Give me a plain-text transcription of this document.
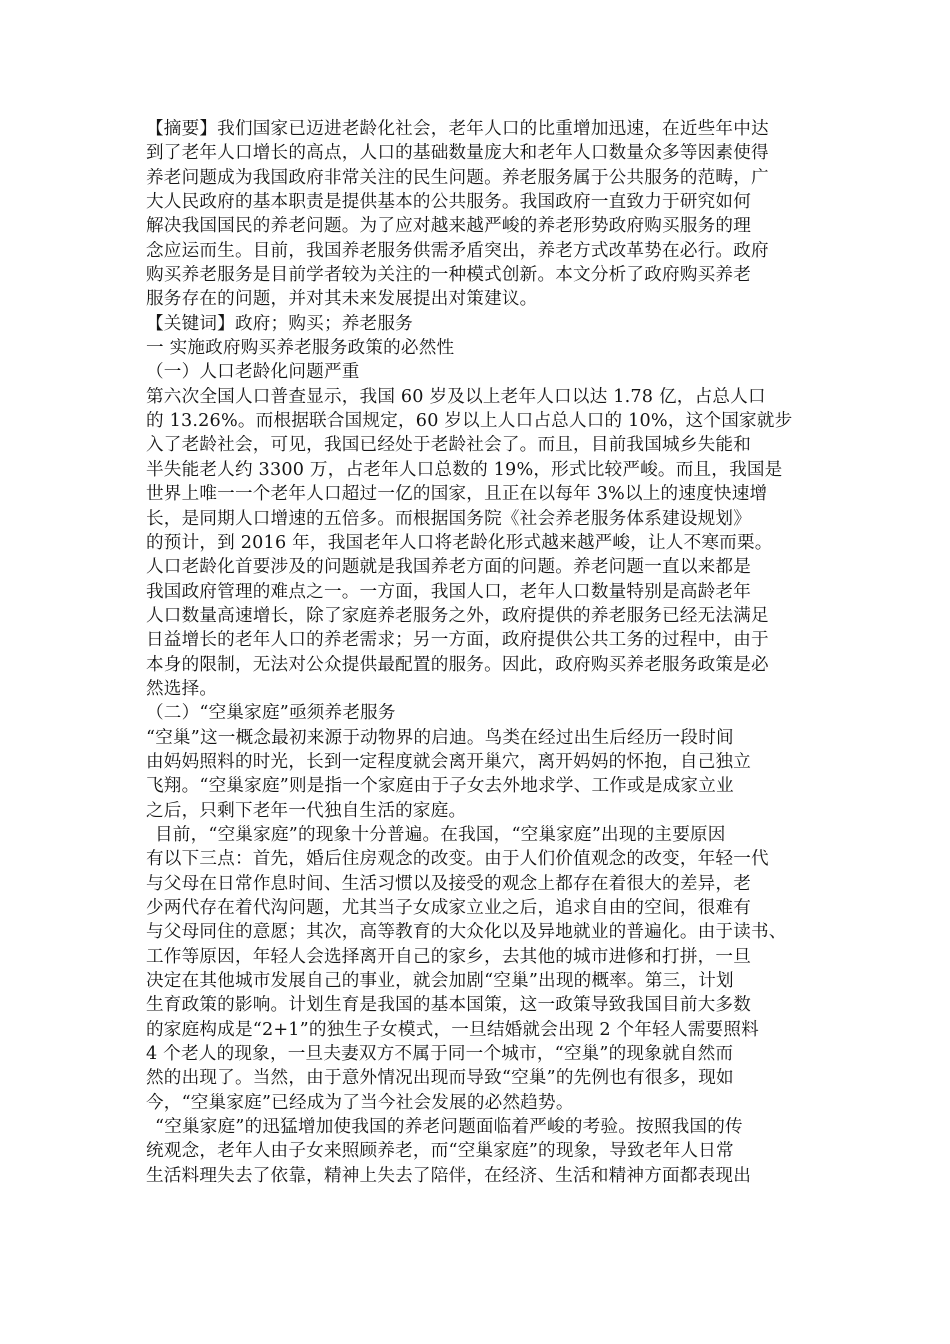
【摘要】我们国家已迈进老龄化社会，老年人口的比重增加迅速，在近些年中达
到了老年人口增长的高点，人口的基础数量庞大和老年人口数量众多等因素使得
养老问题成为我国政府非常关注的民生问题。养老服务属于公共服务的范畴，广
大人民政府的基本职责是提供基本的公共服务。我国政府一直致力于研究如何
解决我国国民的养老问题。为了应对越来越严峻的养老形势政府购买服务的理
念应运而生。目前，我国养老服务供需矛盾突出，养老方式改革势在必行。政府
购买养老服务是目前学者较为关注的一种模式创新。本文分析了政府购买养老
服务存在的问题，并对其未来发展提出对策建议。

【关键词】政府；购买；养老服务

一 实施政府购买养老服务政策的必然性

（一）人口老龄化问题严重

第六次全国人口普查显示，我国 60 岁及以上老年人口以达 1.78 亿，占总人口
的 13.26%。而根据联合国规定，60 岁以上人口占总人口的 10%，这个国家就步
入了老龄社会，可见，我国已经处于老龄社会了。而且，目前我国城乡失能和
半失能老人约 3300 万，占老年人口总数的 19%，形式比较严峻。而且，我国是
世界上唯一一个老年人口超过一亿的国家，且正在以每年 3%以上的速度快速增
长，是同期人口增速的五倍多。而根据国务院《社会养老服务体系建设规划》
的预计，到 2016 年，我国老年人口将老龄化形式越来越严峻，让人不寒而栗。
人口老龄化首要涉及的问题就是我国养老方面的问题。养老问题一直以来都是
我国政府管理的难点之一。一方面，我国人口，老年人口数量特别是高龄老年
人口数量高速增长，除了家庭养老服务之外，政府提供的养老服务已经无法满足
日益增长的老年人口的养老需求；另一方面，政府提供公共工务的过程中，由于
本身的限制，无法对公众提供最配置的服务。因此，政府购买养老服务政策是必
然选择。

（二）“空巢家庭”亟须养老服务

“空巢”这一概念最初来源于动物界的启迪。鸟类在经过出生后经历一段时间
由妈妈照料的时光，长到一定程度就会离开巢穴，离开妈妈的怀抱，自己独立
飞翔。“空巢家庭”则是指一个家庭由于子女去外地求学、工作或是成家立业
之后，只剩下老年一代独自生活的家庭。

目前，“空巢家庭”的现象十分普遍。在我国，“空巢家庭”出现的主要原因
有以下三点：首先，婚后住房观念的改变。由于人们价值观念的改变，年轻一代
与父母在日常作息时间、生活习惯以及接受的观念上都存在着很大的差异，老
少两代存在着代沟问题，尤其当子女成家立业之后，追求自由的空间，很难有
与父母同住的意愿；其次，高等教育的大众化以及异地就业的普遍化。由于读书、
工作等原因，年轻人会选择离开自己的家乡，去其他的城市进修和打拼，一旦
决定在其他城市发展自己的事业，就会加剧“空巢”出现的概率。第三，计划
生育政策的影响。计划生育是我国的基本国策，这一政策导致我国目前大多数
的家庭构成是“2+1”的独生子女模式，一旦结婚就会出现 2 个年轻人需要照料
4 个老人的现象，一旦夫妻双方不属于同一个城市，“空巢”的现象就自然而
然的出现了。当然，由于意外情况出现而导致“空巢”的先例也有很多，现如
今，“空巢家庭”已经成为了当今社会发展的必然趋势。

“空巢家庭”的迅猛增加使我国的养老问题面临着严峻的考验。按照我国的传
统观念，老年人由子女来照顾养老，而“空巢家庭”的现象，导致老年人日常
生活料理失去了依靠，精神上失去了陪伴，在经济、生活和精神方面都表现出
